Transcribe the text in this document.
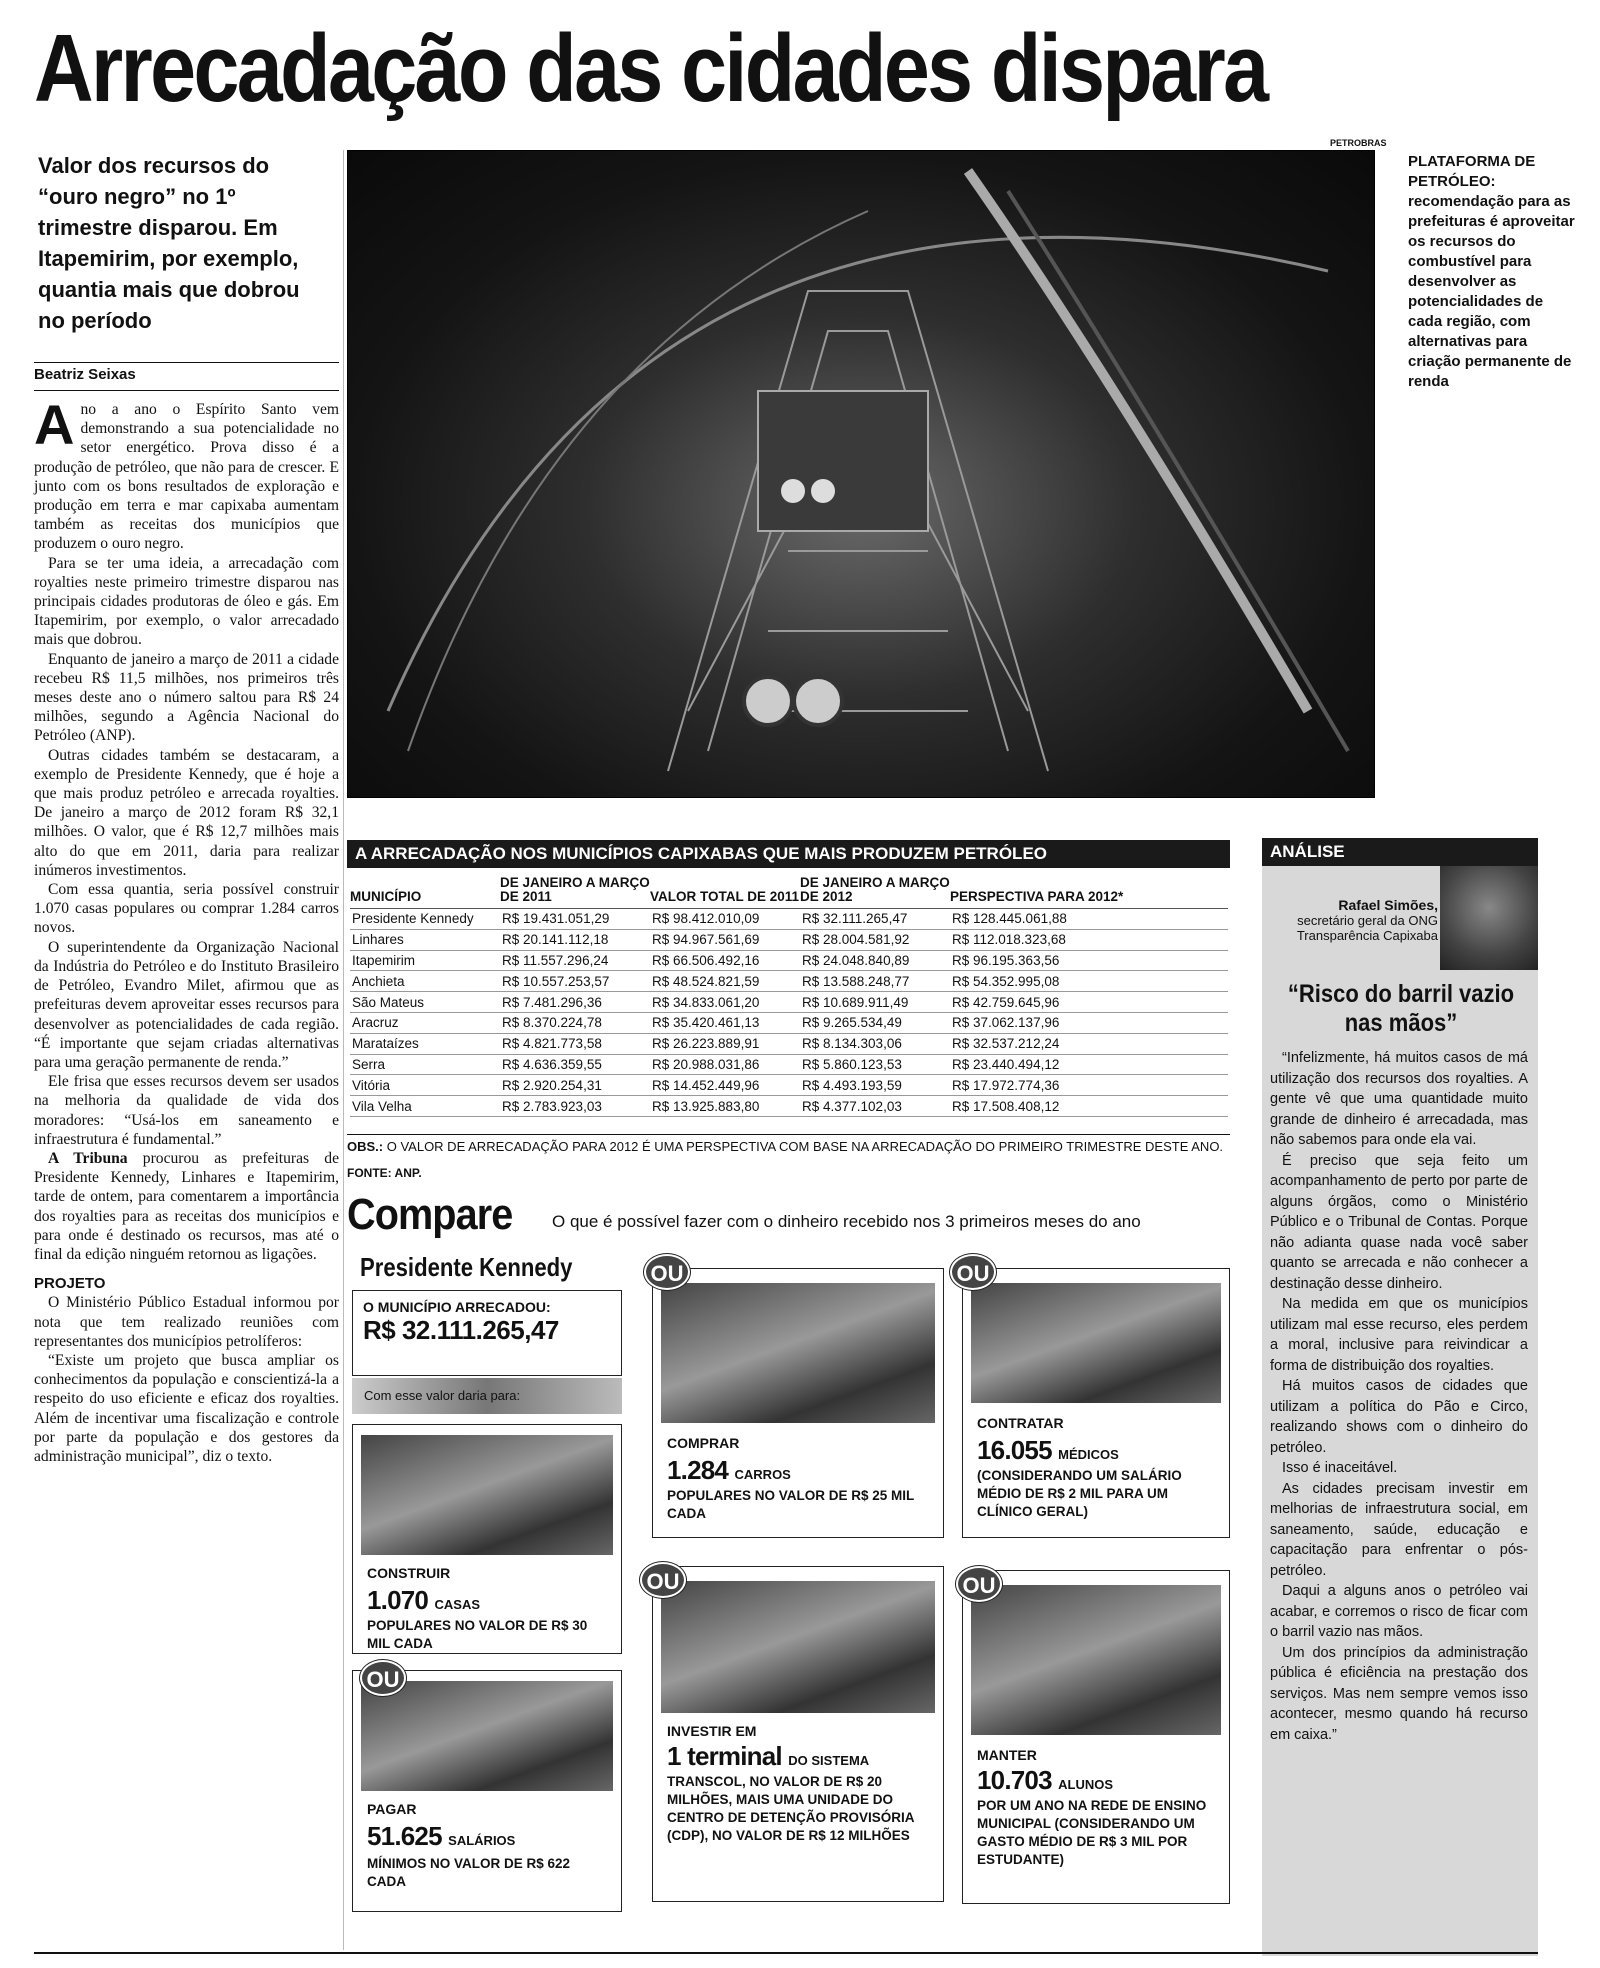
Arrecadação das cidades dispara
Valor dos recursos do “ouro negro” no 1º trimestre disparou. Em Itapemirim, por exemplo, quantia mais que dobrou no período
Beatriz Seixas

Ano a ano o Espírito Santo vem demonstrando a sua potencialidade no setor energético. Prova disso é a produção de petróleo, que não para de crescer. E junto com os bons resultados de exploração e produção em terra e mar capixaba aumentam também as receitas dos municípios que produzem o ouro negro.

Para se ter uma ideia, a arrecadação com royalties neste primeiro trimestre disparou nas principais cidades produtoras de óleo e gás. Em Itapemirim, por exemplo, o valor arrecadado mais que dobrou.

Enquanto de janeiro a março de 2011 a cidade recebeu R$ 11,5 milhões, nos primeiros três meses deste ano o número saltou para R$ 24 milhões, segundo a Agência Nacional do Petróleo (ANP).

Outras cidades também se destacaram, a exemplo de Presidente Kennedy, que é hoje a que mais produz petróleo e arrecada royalties. De janeiro a março de 2012 foram R$ 32,1 milhões. O valor, que é R$ 12,7 milhões mais alto do que em 2011, daria para realizar inúmeros investimentos.

Com essa quantia, seria possível construir 1.070 casas populares ou comprar 1.284 carros novos.

O superintendente da Organização Nacional da Indústria do Petróleo e do Instituto Brasileiro de Petróleo, Evandro Milet, afirmou que as prefeituras devem aproveitar esses recursos para desenvolver as potencialidades de cada região. “É importante que sejam criadas alternativas para uma geração permanente de renda.”

Ele frisa que esses recursos devem ser usados na melhoria da qualidade de vida dos moradores: “Usá-los em saneamento e infraestrutura é fundamental.”

A Tribuna procurou as prefeituras de Presidente Kennedy, Linhares e Itapemirim, tarde de ontem, para comentarem a importância dos royalties para as receitas dos municípios e para onde é destinado os recursos, mas até o final da edição ninguém retornou as ligações.

PROJETO

O Ministério Público Estadual informou por nota que tem realizado reuniões com representantes dos municípios petrolíferos:

“Existe um projeto que busca ampliar os conhecimentos da população e conscientizá-la a respeito do uso eficiente e eficaz dos royalties. Além de incentivar uma fiscalização e controle por parte da população e dos gestores da administração municipal”, diz o texto.

PETROBRAS
PLATAFORMA DE PETRÓLEO:
recomendação para as prefeituras é aproveitar os recursos do combustível para desenvolver as potencialidades de cada região, com alternativas para criação permanente de renda
A ARRECADAÇÃO NOS MUNICÍPIOS CAPIXABAS QUE MAIS PRODUZEM PETRÓLEO
MUNICÍPIO	DE JANEIRO A MARÇO DE 2011	VALOR TOTAL DE 2011	DE JANEIRO A MARÇO DE 2012	PERSPECTIVA PARA 2012*
Presidente Kennedy	R$ 19.431.051,29	R$ 98.412.010,09	R$ 32.111.265,47	R$ 128.445.061,88
Linhares	R$ 20.141.112,18	R$ 94.967.561,69	R$ 28.004.581,92	R$ 112.018.323,68
Itapemirim	R$ 11.557.296,24	R$ 66.506.492,16	R$ 24.048.840,89	R$ 96.195.363,56
Anchieta	R$ 10.557.253,57	R$ 48.524.821,59	R$ 13.588.248,77	R$ 54.352.995,08
São Mateus	R$ 7.481.296,36	R$ 34.833.061,20	R$ 10.689.911,49	R$ 42.759.645,96
Aracruz	R$ 8.370.224,78	R$ 35.420.461,13	R$ 9.265.534,49	R$ 37.062.137,96
Marataízes	R$ 4.821.773,58	R$ 26.223.889,91	R$ 8.134.303,06	R$ 32.537.212,24
Serra	R$ 4.636.359,55	R$ 20.988.031,86	R$ 5.860.123,53	R$ 23.440.494,12
Vitória	R$ 2.920.254,31	R$ 14.452.449,96	R$ 4.493.193,59	R$ 17.972.774,36
Vila Velha	R$ 2.783.923,03	R$ 13.925.883,80	R$ 4.377.102,03	R$ 17.508.408,12
OBS.: O VALOR DE ARRECADAÇÃO PARA 2012 É UMA PERSPECTIVA COM BASE NA ARRECADAÇÃO DO PRIMEIRO TRIMESTRE DESTE ANO.
FONTE: ANP.
Compare O que é possível fazer com o dinheiro recebido nos 3 primeiros meses do ano
Presidente Kennedy
O MUNICÍPIO ARRECADOU:
R$ 32.111.265,47
Com esse valor daria para:
CONSTRUIR
1.070 CASAS
POPULARES NO VALOR DE R$ 30 MIL CADA
PAGAR
51.625 SALÁRIOS
MÍNIMOS NO VALOR DE R$ 622 CADA
OU
COMPRAR
1.284 CARROS
POPULARES NO VALOR DE R$ 25 MIL CADA
OU
INVESTIR EM
1 terminal DO SISTEMA
TRANSCOL, NO VALOR DE R$ 20 MILHÕES, MAIS UMA UNIDADE DO CENTRO DE DETENÇÃO PROVISÓRIA (CDP), NO VALOR DE R$ 12 MILHÕES
OU
CONTRATAR
16.055 MÉDICOS
(CONSIDERANDO UM SALÁRIO MÉDIO DE R$ 2 MIL PARA UM CLÍNICO GERAL)
OU
MANTER
10.703 ALUNOS
POR UM ANO NA REDE DE ENSINO MUNICIPAL (CONSIDERANDO UM GASTO MÉDIO DE R$ 3 MIL POR ESTUDANTE)
OU
ANÁLISE
Rafael Simões,
secretário geral da ONG Transparência Capixaba
“Risco do barril vazio nas mãos”

“Infelizmente, há muitos casos de má utilização dos recursos dos royalties. A gente vê que uma quantidade muito grande de dinheiro é arrecadada, mas não sabemos para onde ela vai.

É preciso que seja feito um acompanhamento de perto por parte de alguns órgãos, como o Ministério Público e o Tribunal de Contas. Porque não adianta quase nada você saber quanto se arrecada e não conhecer a destinação desse dinheiro.

Na medida em que os municípios utilizam mal esse recurso, eles perdem a moral, inclusive para reivindicar a forma de distribuição dos royalties.

Há muitos casos de cidades que utilizam a política do Pão e Circo, realizando shows com o dinheiro do petróleo.

Isso é inaceitável.

As cidades precisam investir em melhorias de infraestrutura social, em saneamento, saúde, educação e capacitação para enfrentar o pós-petróleo.

Daqui a alguns anos o petróleo vai acabar, e corremos o risco de ficar com o barril vazio nas mãos.

Um dos princípios da administração pública é eficiência na prestação dos serviços. Mas nem sempre vemos isso acontecer, mesmo quando há recurso em caixa.”
